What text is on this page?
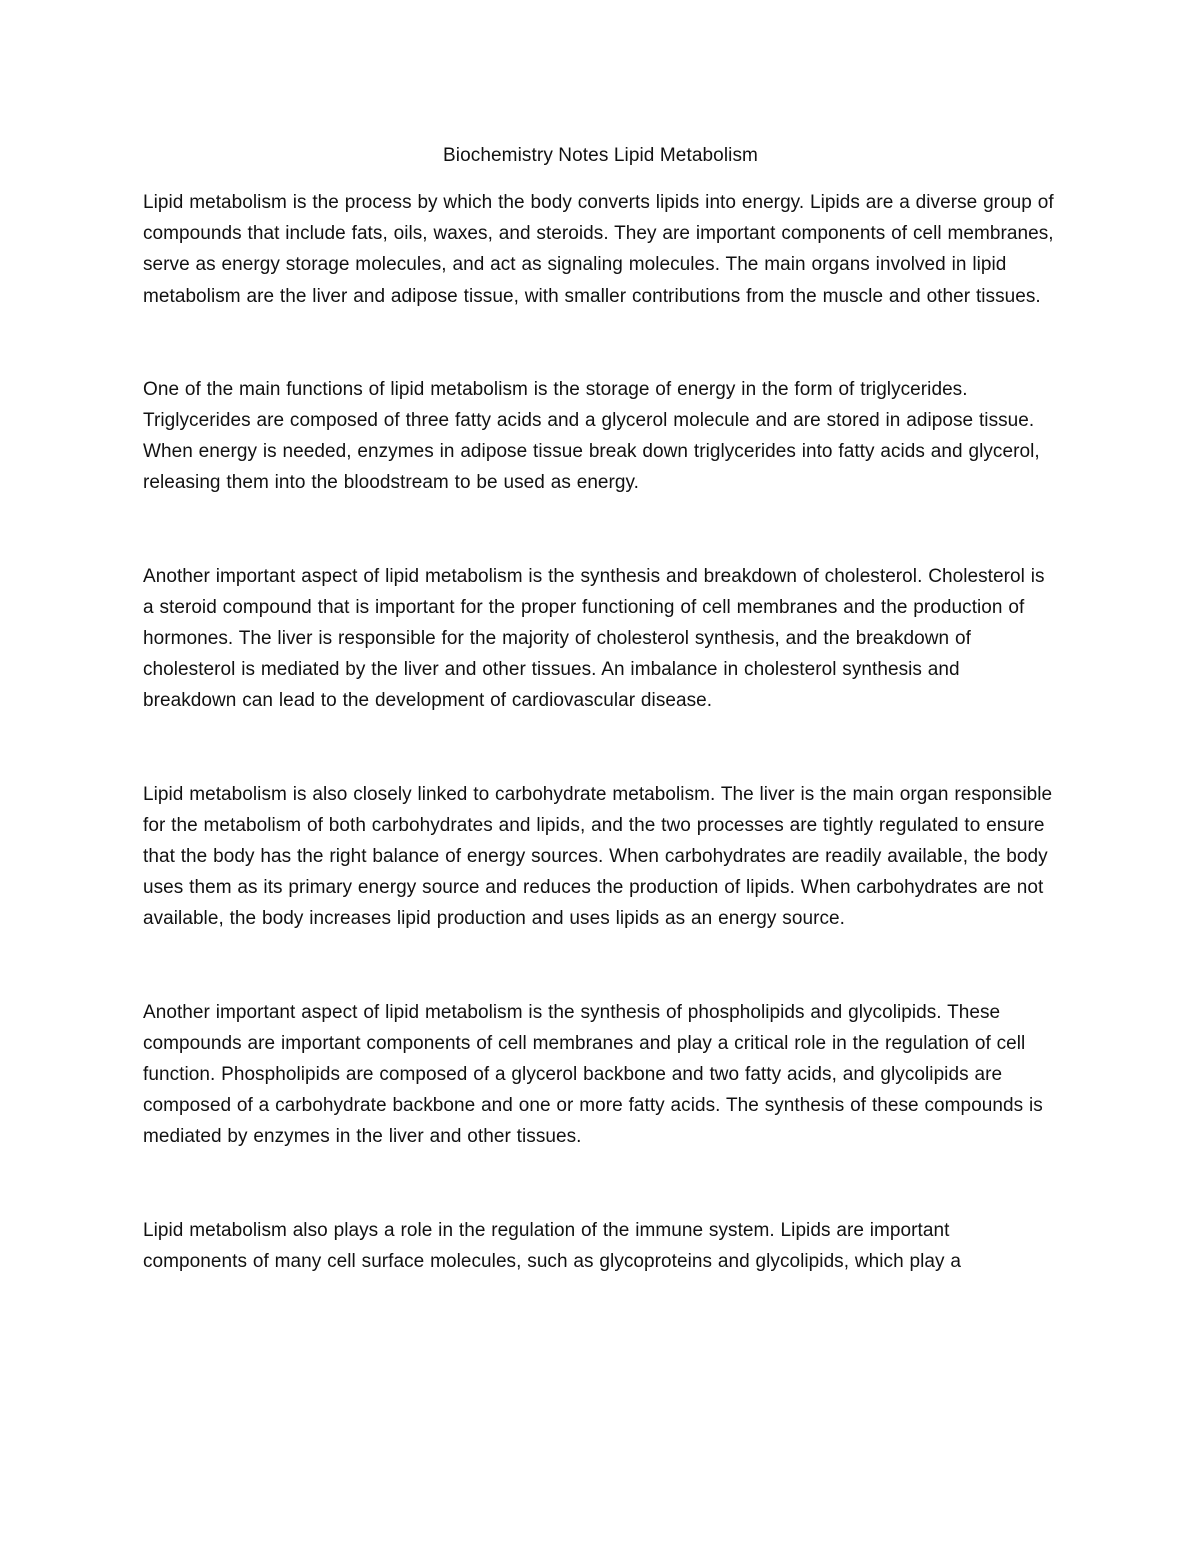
Biochemistry Notes Lipid Metabolism

Lipid metabolism is the process by which the body converts lipids into energy. Lipids are a diverse group of compounds that include fats, oils, waxes, and steroids. They are important components of cell membranes, serve as energy storage molecules, and act as signaling molecules. The main organs involved in lipid metabolism are the liver and adipose tissue, with smaller contributions from the muscle and other tissues.

One of the main functions of lipid metabolism is the storage of energy in the form of triglycerides. Triglycerides are composed of three fatty acids and a glycerol molecule and are stored in adipose tissue. When energy is needed, enzymes in adipose tissue break down triglycerides into fatty acids and glycerol, releasing them into the bloodstream to be used as energy.

Another important aspect of lipid metabolism is the synthesis and breakdown of cholesterol. Cholesterol is a steroid compound that is important for the proper functioning of cell membranes and the production of hormones. The liver is responsible for the majority of cholesterol synthesis, and the breakdown of cholesterol is mediated by the liver and other tissues. An imbalance in cholesterol synthesis and breakdown can lead to the development of cardiovascular disease.

Lipid metabolism is also closely linked to carbohydrate metabolism. The liver is the main organ responsible for the metabolism of both carbohydrates and lipids, and the two processes are tightly regulated to ensure that the body has the right balance of energy sources. When carbohydrates are readily available, the body uses them as its primary energy source and reduces the production of lipids. When carbohydrates are not available, the body increases lipid production and uses lipids as an energy source.

Another important aspect of lipid metabolism is the synthesis of phospholipids and glycolipids. These compounds are important components of cell membranes and play a critical role in the regulation of cell function. Phospholipids are composed of a glycerol backbone and two fatty acids, and glycolipids are composed of a carbohydrate backbone and one or more fatty acids. The synthesis of these compounds is mediated by enzymes in the liver and other tissues.

Lipid metabolism also plays a role in the regulation of the immune system. Lipids are important components of many cell surface molecules, such as glycoproteins and glycolipids, which play a
